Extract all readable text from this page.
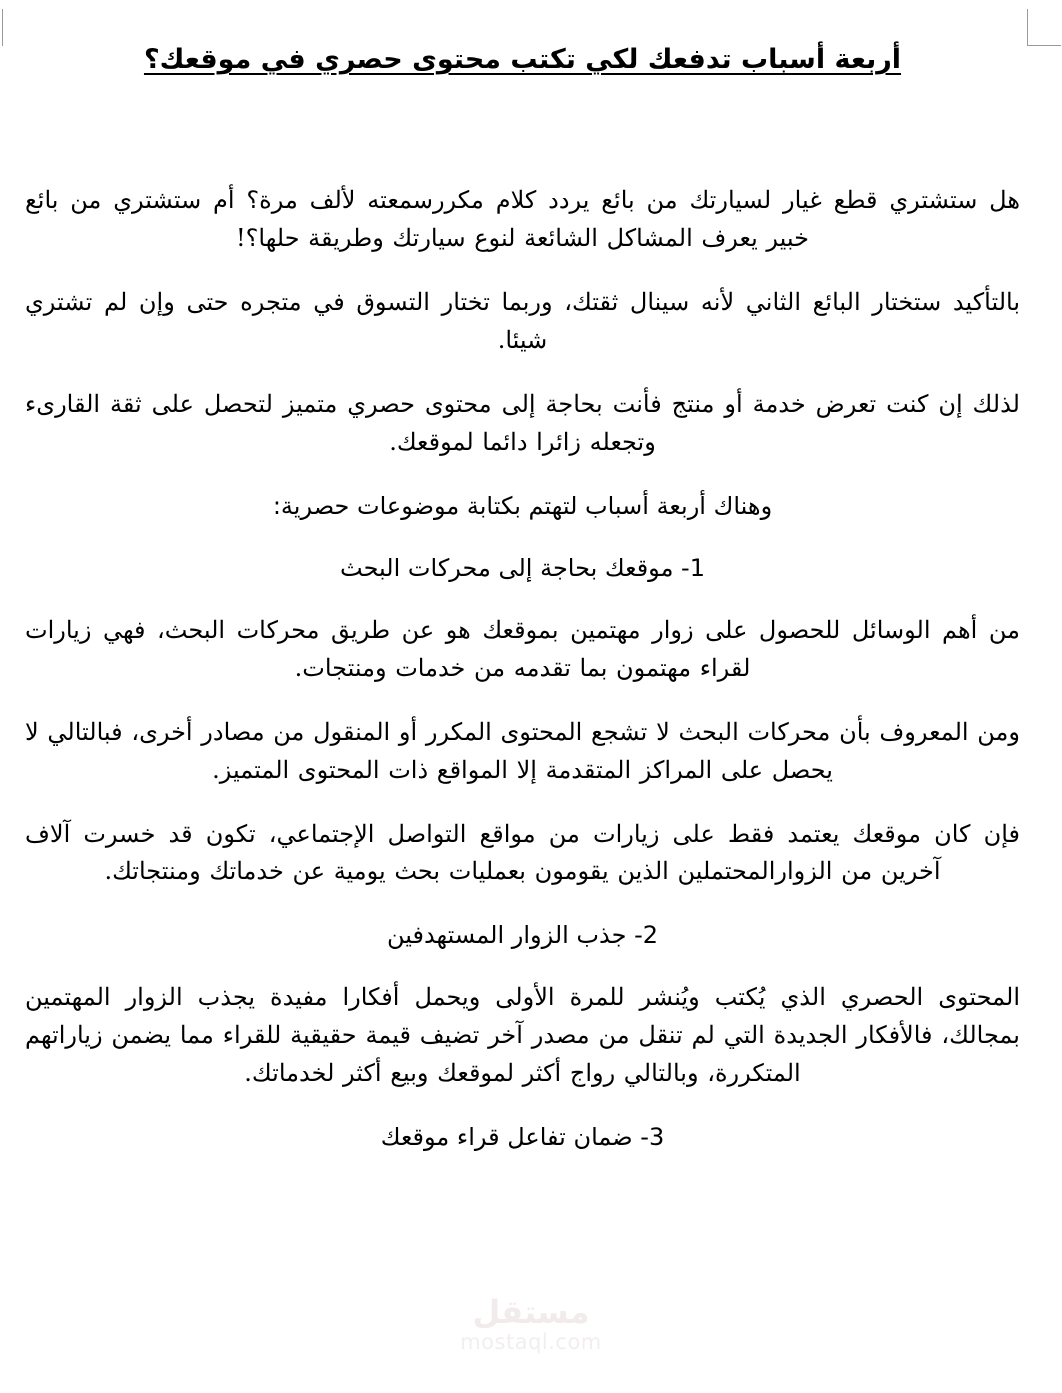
أربعة أسباب تدفعك لكي تكتب محتوى حصري في موقعك؟

هل ستشتري قطع غيار لسيارتك من بائع يردد كلام مكررسمعته لألف مرة؟ أم ستشتري من بائع خبير يعرف المشاكل الشائعة لنوع سيارتك وطريقة حلها؟!

بالتأكيد ستختار البائع الثاني لأنه سينال ثقتك، وربما تختار التسوق في متجره حتى وإن لم تشتري شيئا.

لذلك إن كنت تعرض خدمة أو منتج فأنت بحاجة إلى محتوى حصري متميز لتحصل على ثقة القارىء وتجعله زائرا دائما لموقعك.

وهناك أربعة أسباب لتهتم بكتابة موضوعات حصرية:

1- موقعك بحاجة إلى محركات البحث

من أهم الوسائل للحصول على زوار مهتمين بموقعك هو عن طريق محركات البحث، فهي زيارات لقراء مهتمون بما تقدمه من خدمات ومنتجات.

ومن المعروف بأن محركات البحث لا تشجع المحتوى المكرر أو المنقول من مصادر أخرى، فبالتالي لا يحصل على المراكز المتقدمة إلا المواقع ذات المحتوى المتميز.

فإن كان موقعك يعتمد فقط على زيارات من مواقع التواصل الإجتماعي، تكون قد خسرت آلاف آخرين من الزوارالمحتملين الذين يقومون بعمليات بحث يومية عن خدماتك ومنتجاتك.

2- جذب الزوار المستهدفين

المحتوى الحصري الذي يُكتب ويُنشر للمرة الأولى ويحمل أفكارا مفيدة يجذب الزوار المهتمين بمجالك، فالأفكار الجديدة التي لم تنقل من مصدر آخر تضيف قيمة حقيقية للقراء مما يضمن زياراتهم المتكررة، وبالتالي رواج أكثر لموقعك وبيع أكثر لخدماتك.

3- ضمان تفاعل قراء موقعك

مستقل
mostaql.com
